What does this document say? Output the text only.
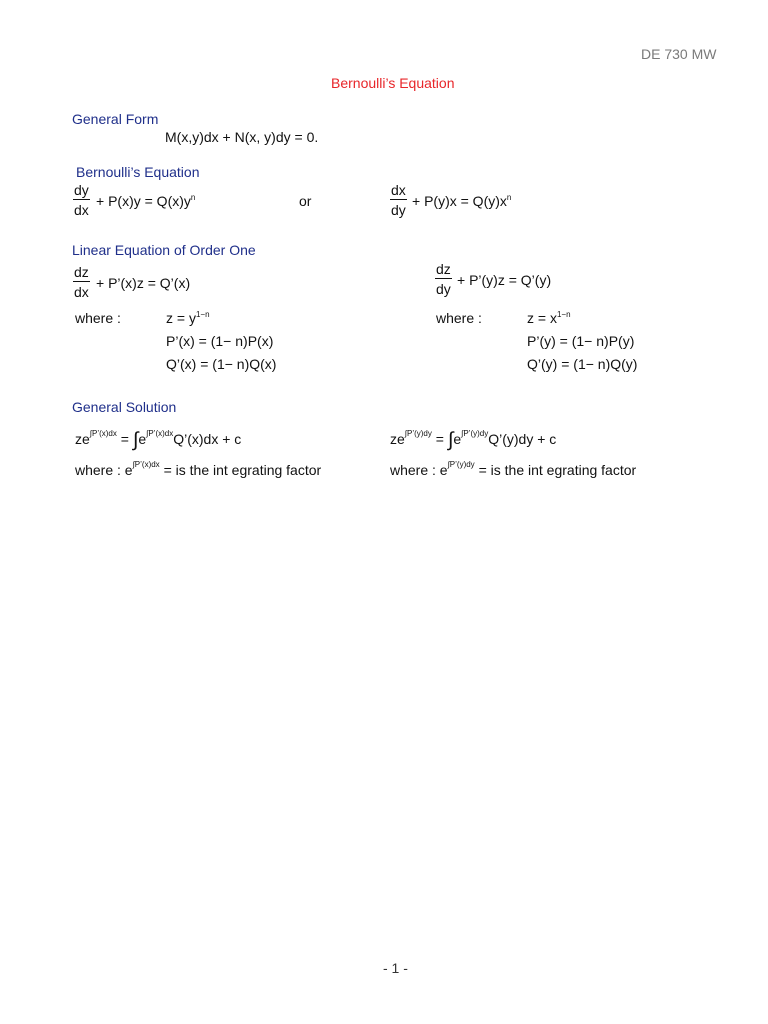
DE 730 MW
Bernoulli’s Equation
General Form
M(x,y)dx + N(x, y)dy = 0.
Bernoulli’s Equation
dy
dx
+ $P(x)y = Q(x)y^n$	or
dx
dy
+ $P(y)x = Q(y)x^n$
Linear Equation of Order One
dz
dx
+ P’(x)z = Q’(x)
where :	$z = y^{1-n}$
P’(x) = (1− n)P(x)
Q’(x) = (1− n)Q(x)
dz
dy
+ P’(y)z = Q’(y)
where :	$z = x^{1-n}$
P’(y) = (1− n)P(y)
Q’(y) = (1− n)Q(y)
General Solution
$ze^{\int P’(x)dx}$ = $\int e^{\int P’(x)dx}Q’(x)dx + c$
where : $e^{\int P’(x)dx}$ = is the int egrating factor
$ze^{\int P’(y)dy}$ = $\int e^{\int P’(y)dy}Q’(y)dy + c$
where : $e^{\int P’(y)dy}$ = is the int egrating factor
- 1 -
